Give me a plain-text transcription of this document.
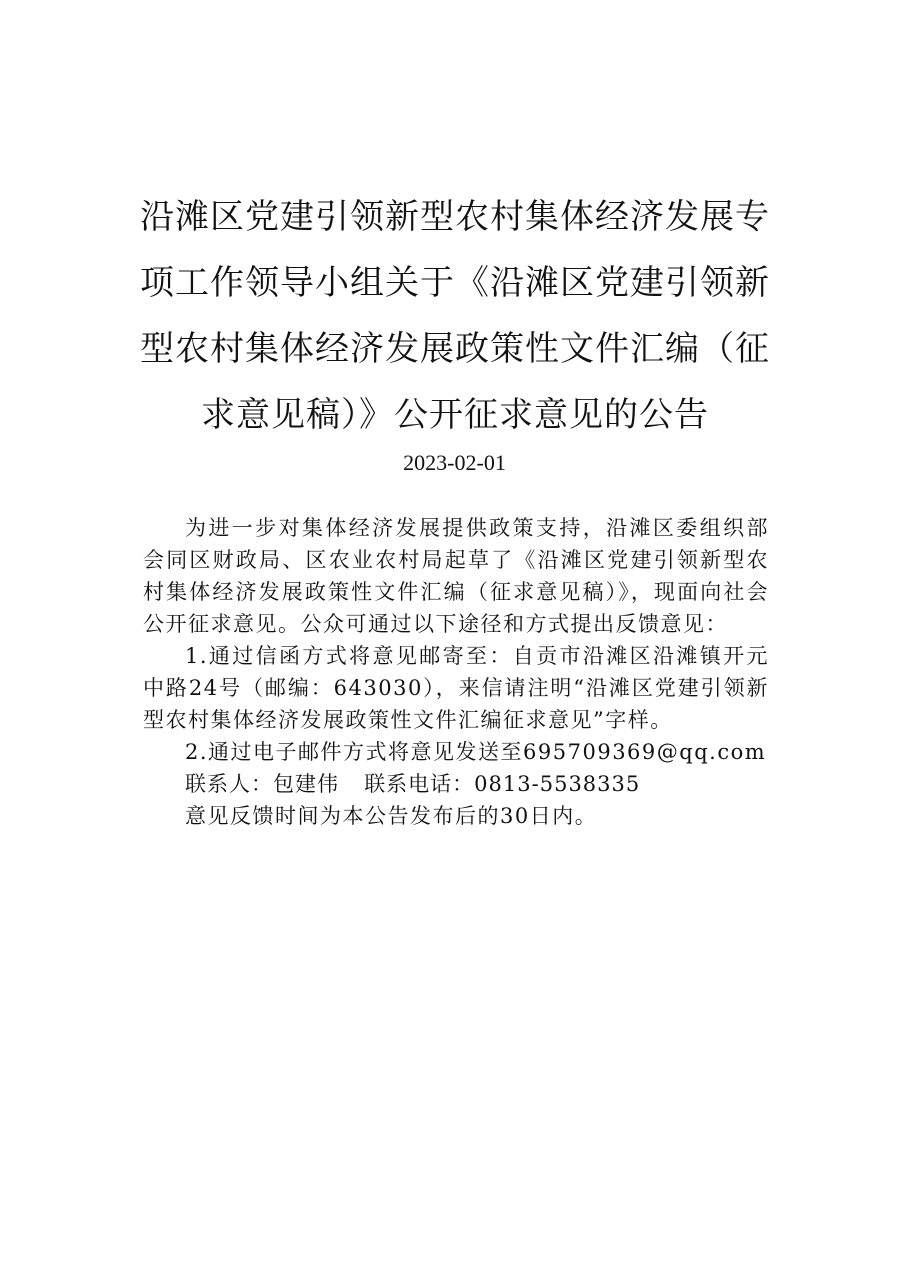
沿滩区党建引领新型农村集体经济发展专项工作领导小组关于《沿滩区党建引领新型农村集体经济发展政策性文件汇编（征求意见稿）》公开征求意见的公告
2023-02-01

为进一步对集体经济发展提供政策支持，沿滩区委组织部会同区财政局、区农业农村局起草了《沿滩区党建引领新型农村集体经济发展政策性文件汇编（征求意见稿）》，现面向社会公开征求意见。公众可通过以下途径和方式提出反馈意见：

1.通过信函方式将意见邮寄至：自贡市沿滩区沿滩镇开元中路24号（邮编：643030），来信请注明“沿滩区党建引领新型农村集体经济发展政策性文件汇编征求意见”字样。

2.通过电子邮件方式将意见发送至695709369@qq.com

联系人：包建伟 联系电话：0813-5538335

意见反馈时间为本公告发布后的30日内。
